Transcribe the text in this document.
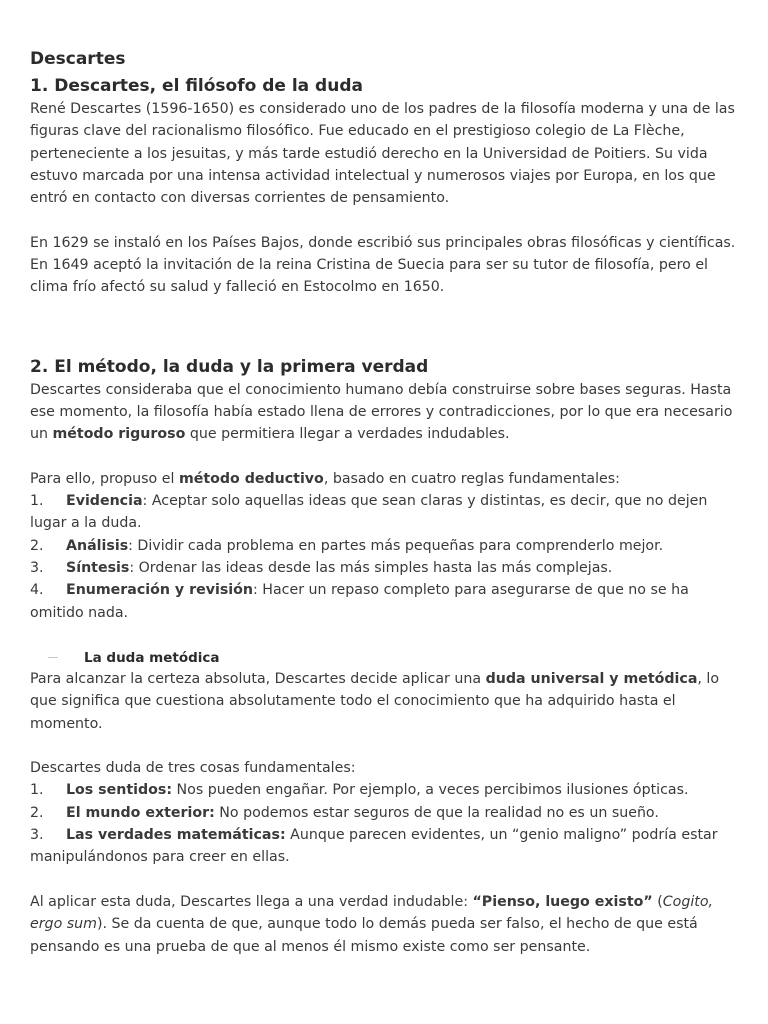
Descartes
1. Descartes, el filósofo de la duda

René Descartes (1596-1650) es considerado uno de los padres de la filosofía moderna y una de las figuras clave del racionalismo filosófico. Fue educado en el prestigioso colegio de La Flèche, perteneciente a los jesuitas, y más tarde estudió derecho en la Universidad de Poitiers. Su vida estuvo marcada por una intensa actividad intelectual y numerosos viajes por Europa, en los que entró en contacto con diversas corrientes de pensamiento.

En 1629 se instaló en los Países Bajos, donde escribió sus principales obras filosóficas y científicas. En 1649 aceptó la invitación de la reina Cristina de Suecia para ser su tutor de filosofía, pero el clima frío afectó su salud y falleció en Estocolmo en 1650.

2. El método, la duda y la primera verdad

Descartes consideraba que el conocimiento humano debía construirse sobre bases seguras. Hasta ese momento, la filosofía había estado llena de errores y contradicciones, por lo que era necesario un método riguroso que permitiera llegar a verdades indudables.

Para ello, propuso el método deductivo, basado en cuatro reglas fundamentales:

1. Evidencia: Aceptar solo aquellas ideas que sean claras y distintas, es decir, que no dejen lugar a la duda.
2. Análisis: Dividir cada problema en partes más pequeñas para comprenderlo mejor.
3. Síntesis: Ordenar las ideas desde las más simples hasta las más complejas.
4. Enumeración y revisión: Hacer un repaso completo para asegurarse de que no se ha omitido nada.
La duda metódica

Para alcanzar la certeza absoluta, Descartes decide aplicar una duda universal y metódica, lo que significa que cuestiona absolutamente todo el conocimiento que ha adquirido hasta el momento.

Descartes duda de tres cosas fundamentales:

1. Los sentidos: Nos pueden engañar. Por ejemplo, a veces percibimos ilusiones ópticas.
2. El mundo exterior: No podemos estar seguros de que la realidad no es un sueño.
3. Las verdades matemáticas: Aunque parecen evidentes, un “genio maligno” podría estar manipulándonos para creer en ellas.

Al aplicar esta duda, Descartes llega a una verdad indudable: “Pienso, luego existo” (Cogito, ergo sum). Se da cuenta de que, aunque todo lo demás pueda ser falso, el hecho de que está pensando es una prueba de que al menos él mismo existe como ser pensante.
